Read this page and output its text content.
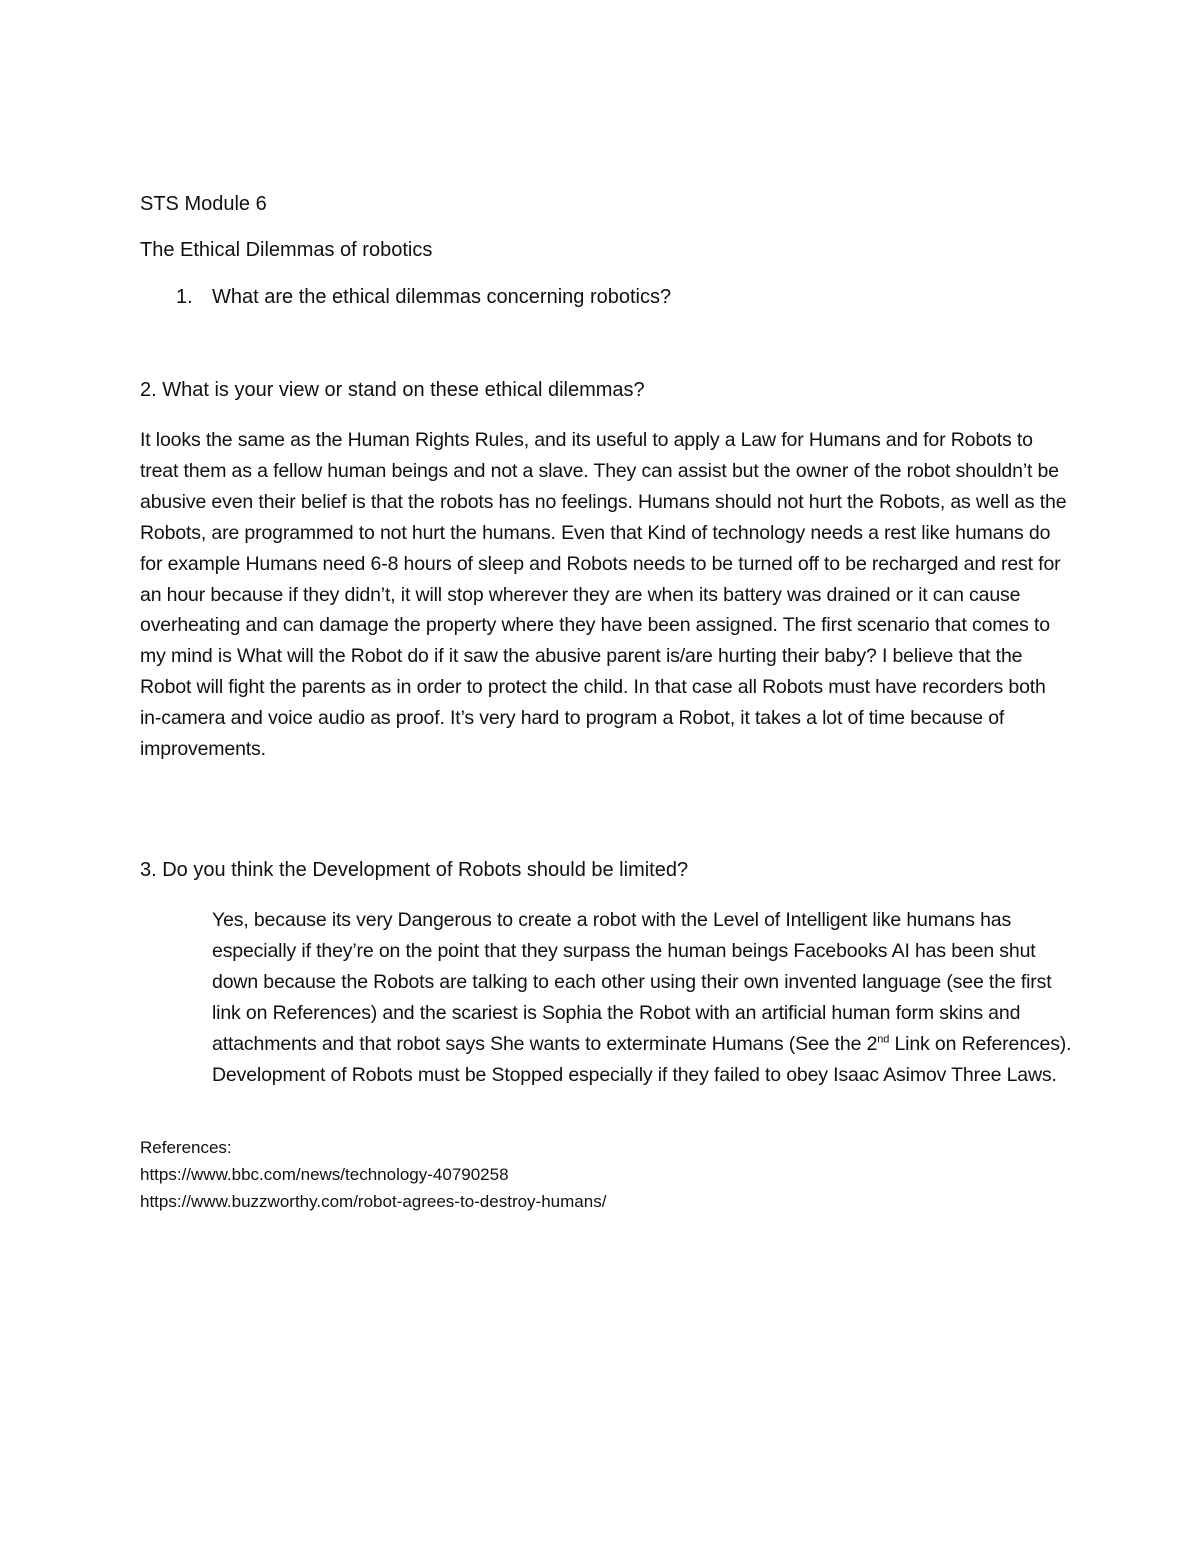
STS Module 6
The Ethical Dilemmas of robotics
1. What are the ethical dilemmas concerning robotics?
2. What is your view or stand on these ethical dilemmas?
It looks the same as the Human Rights Rules, and its useful to apply a Law for Humans and for Robots to treat them as a fellow human beings and not a slave. They can assist but the owner of the robot shouldn’t be abusive even their belief is that the robots has no feelings. Humans should not hurt the Robots, as well as the Robots, are programmed to not hurt the humans. Even that Kind of technology needs a rest like humans do for example Humans need 6-8 hours of sleep and Robots needs to be turned off to be recharged and rest for an hour because if they didn’t, it will stop wherever they are when its battery was drained or it can cause overheating and can damage the property where they have been assigned. The first scenario that comes to my mind is What will the Robot do if it saw the abusive parent is/are hurting their baby? I believe that the Robot will fight the parents as in order to protect the child. In that case all Robots must have recorders both in-camera and voice audio as proof. It’s very hard to program a Robot, it takes a lot of time because of improvements.
3. Do you think the Development of Robots should be limited?
Yes, because its very Dangerous to create a robot with the Level of Intelligent like humans has especially if they’re on the point that they surpass the human beings Facebooks AI has been shut down because the Robots are talking to each other using their own invented language (see the first link on References) and the scariest is Sophia the Robot with an artificial human form skins and attachments and that robot says She wants to exterminate Humans (See the 2nd Link on References). Development of Robots must be Stopped especially if they failed to obey Isaac Asimov Three Laws.
References:
https://www.bbc.com/news/technology-40790258
https://www.buzzworthy.com/robot-agrees-to-destroy-humans/
